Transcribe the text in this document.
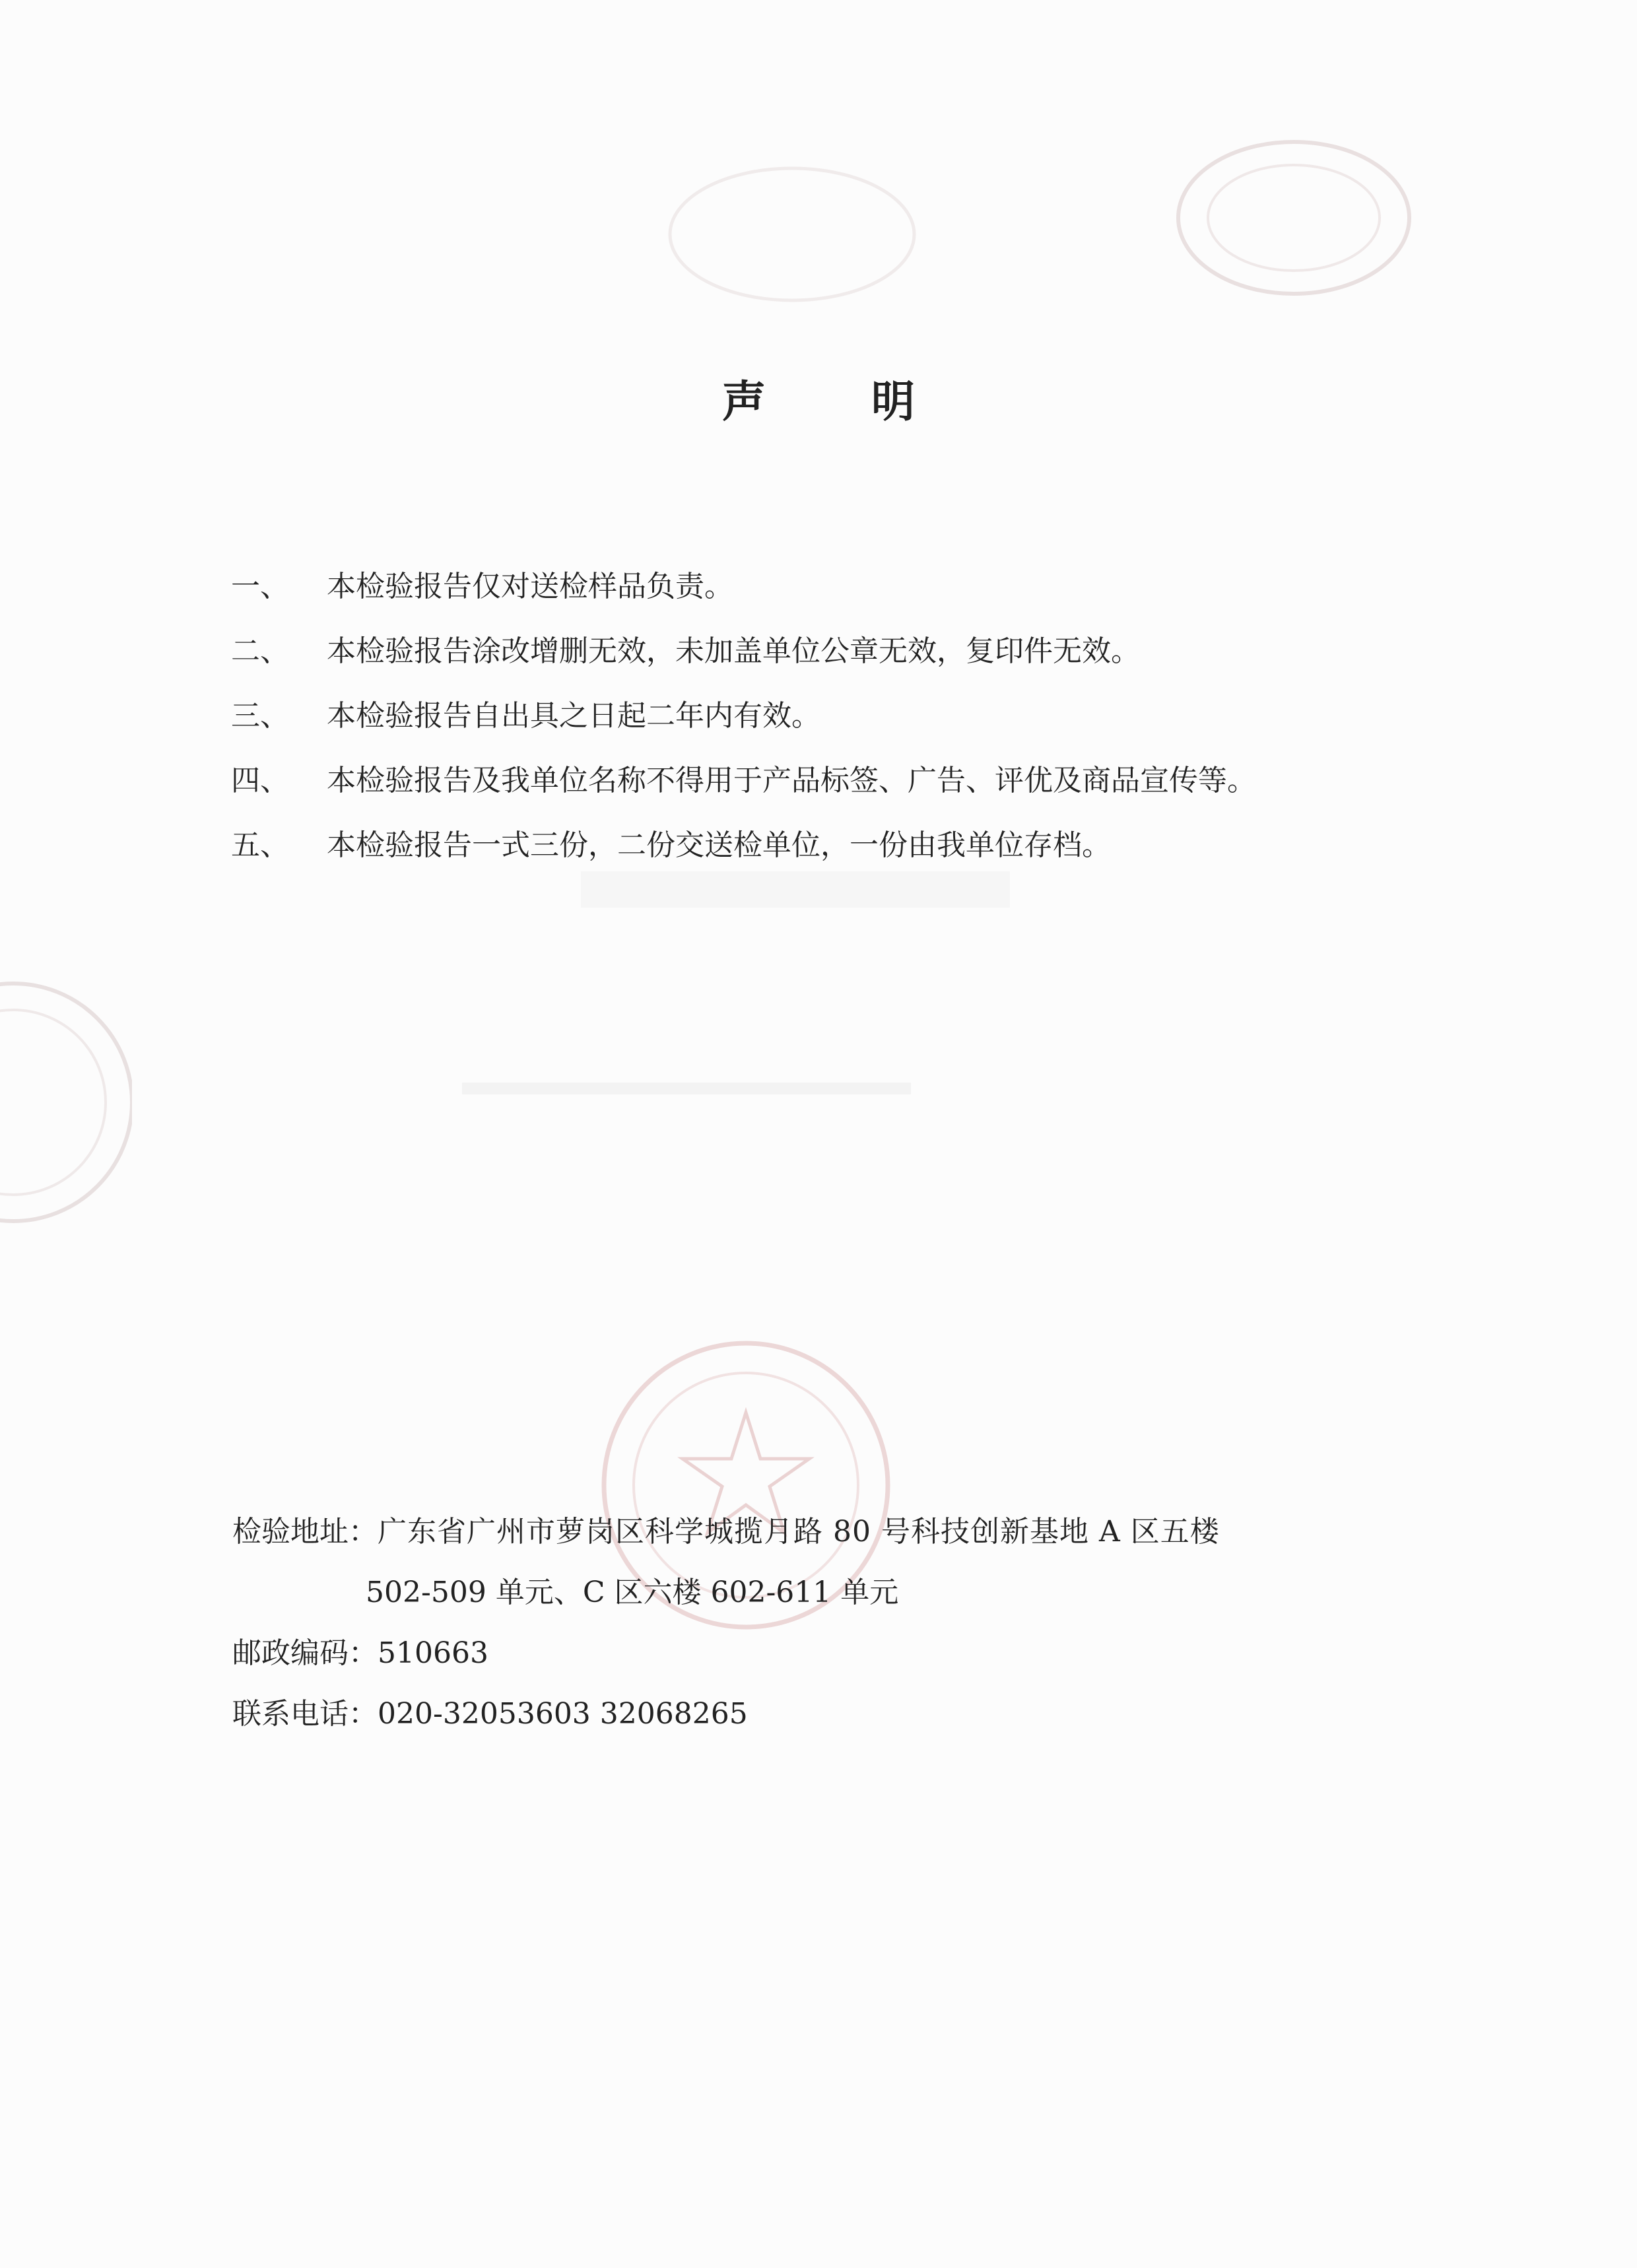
声 明
一、	本检验报告仅对送检样品负责。
二、	本检验报告涂改增删无效，未加盖单位公章无效，复印件无效。
三、	本检验报告自出具之日起二年内有效。
四、	本检验报告及我单位名称不得用于产品标签、广告、评优及商品宣传等。
五、	本检验报告一式三份，二份交送检单位，一份由我单位存档。
检验地址： 广东省广州市萝岗区科学城揽月路 80 号科技创新基地 A 区五楼
502-509 单元、C 区六楼 602-611 单元
邮政编码： 510663
联系电话： 020-32053603 32068265
